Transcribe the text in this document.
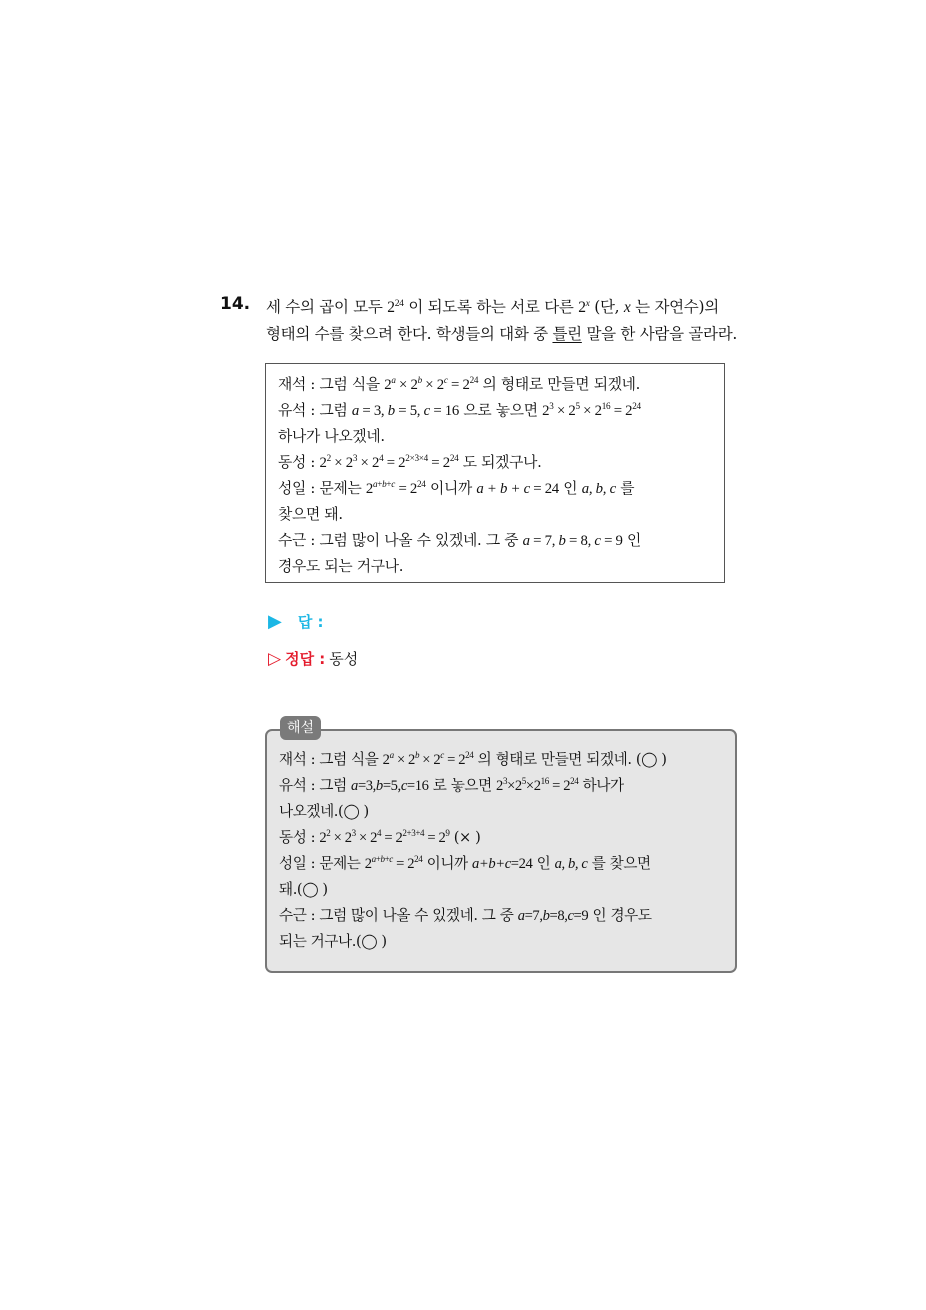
14. 세 수의 곱이 모두 $2^{24}$ 이 되도록 하는 서로 다른 2$^x$ (단, x 는 자연수)의
형태의 수를 찾으려 한다. 학생들의 대화 중 틀린 말을 한 사람을 골라라.
재석 : 그럼 식을 $2^a \times 2^b \times 2^c = 2^{24}$ 의 형태로 만들면 되겠네.
유석 : 그럼 a = 3, b = 5, c = 16 으로 놓으면 $2^3 \times 2^5 \times 2^{16} = 2^{24}$
하나가 나오겠네.
동성 : $2^2 \times 2^3 \times 2^4 = 2^{2\times 3\times 4} = 2^{24}$ 도 되겠구나.
성일 : 문제는 $2^{a+b+c} = 2^{24}$ 이니까 a + b + c = 24 인 a, b, c 를
찾으면 돼.
수근 : 그럼 많이 나올 수 있겠네. 그 중 a = 7, b = 8, c = 9 인
경우도 되는 거구나.
▶ 답 :
▷ 정답 : 동성
재석 : 그럼 식을 $2^a \times 2^b \times 2^c = 2^{24}$ 의 형태로 만들면 되겠네. (◯ )
유석 : 그럼 a=3,b=5,c=16 로 놓으면 $2^3\times 2^5\times 2^{16} = 2^{24}$ 하나가
나오겠네.(◯ )
동성 : $2^2 \times 2^3 \times 2^4 = 2^{2+3+4} = 2^9$ (× )
성일 : 문제는 $2^{a+b+c} = 2^{24}$ 이니까 a+b+c=24 인 a, b, c 를 찾으면
돼.(◯ )
수근 : 그럼 많이 나올 수 있겠네. 그 중 a=7,b=8,c=9 인 경우도
되는 거구나.(◯ )
해설
